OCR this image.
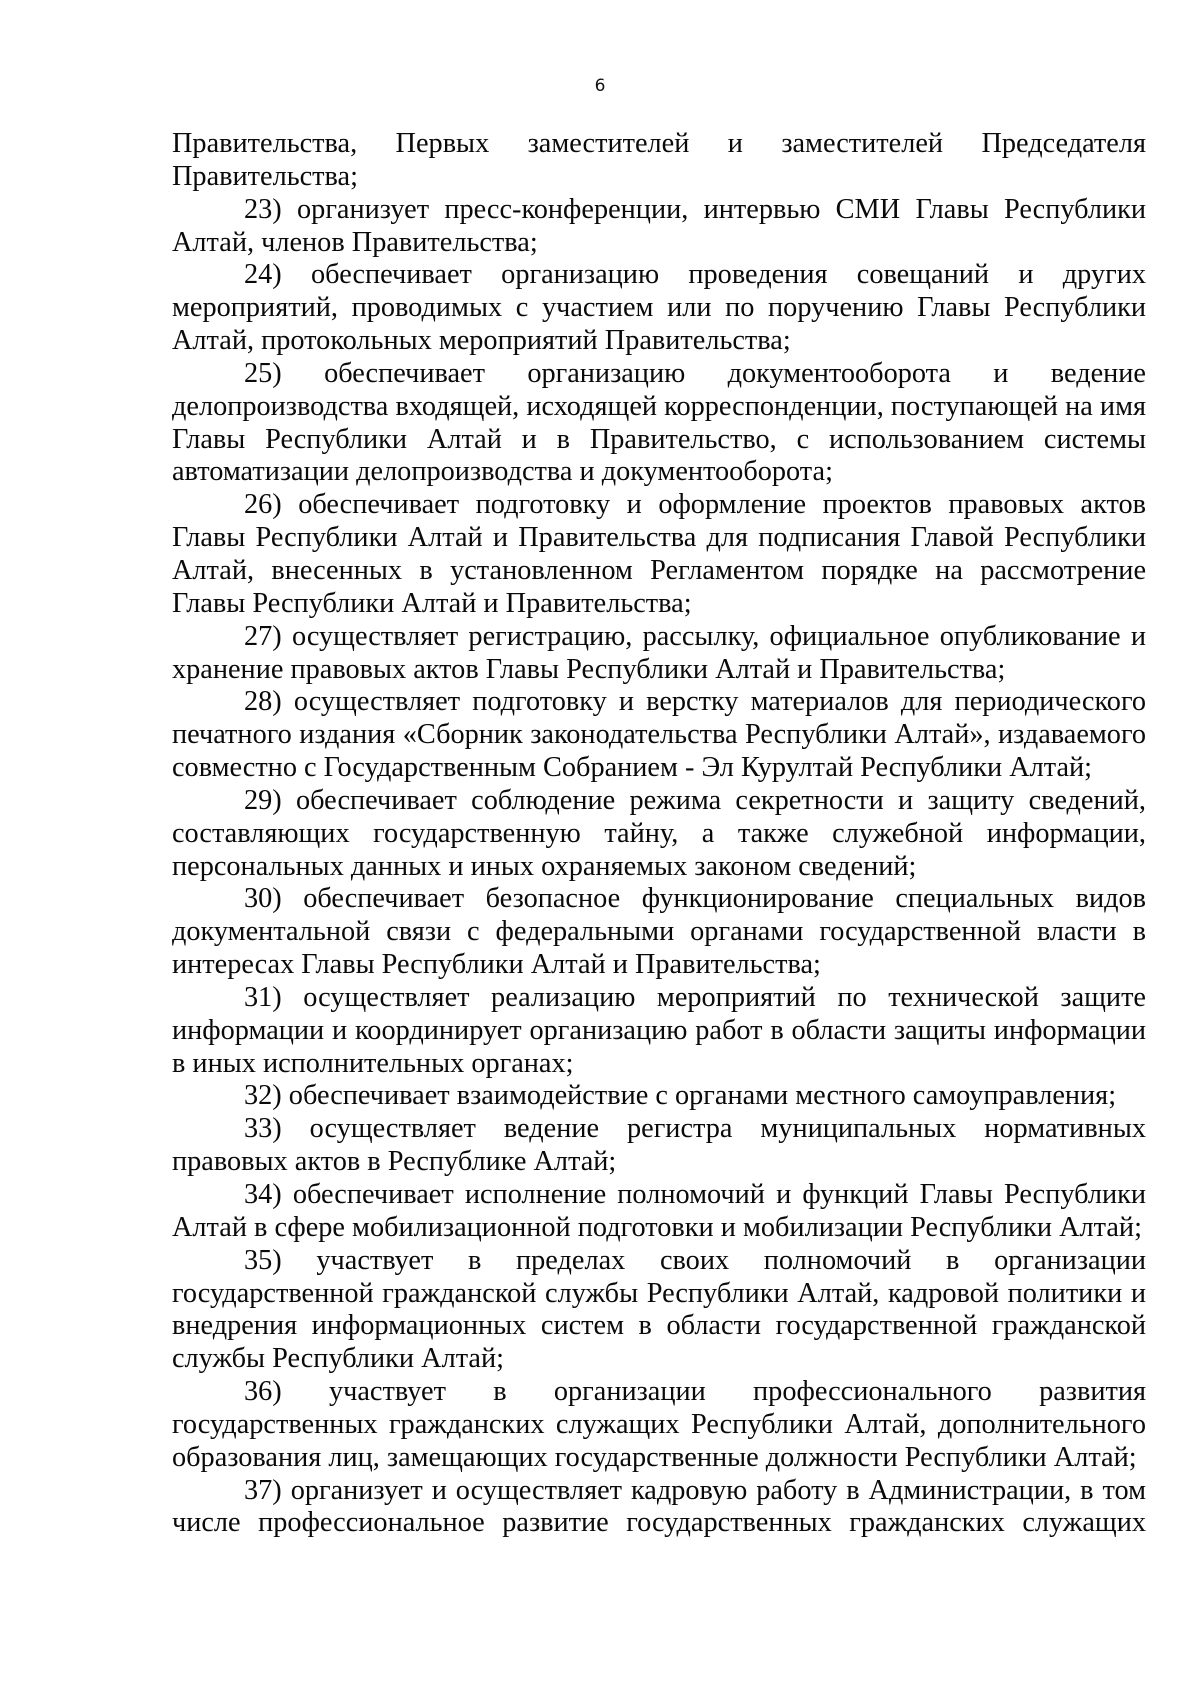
6

Правительства, Первых заместителей и заместителей Председателя Правительства;

23) организует пресс-конференции, интервью СМИ Главы Республики Алтай, членов Правительства;

24) обеспечивает организацию проведения совещаний и других мероприятий, проводимых с участием или по поручению Главы Республики Алтай, протокольных мероприятий Правительства;

25) обеспечивает организацию документооборота и ведение делопроизводства входящей, исходящей корреспонденции, поступающей на имя Главы Республики Алтай и в Правительство, с использованием системы автоматизации делопроизводства и документооборота;

26) обеспечивает подготовку и оформление проектов правовых актов Главы Республики Алтай и Правительства для подписания Главой Республики Алтай, внесенных в установленном Регламентом порядке на рассмотрение Главы Республики Алтай и Правительства;

27) осуществляет регистрацию, рассылку, официальное опубликование и хранение правовых актов Главы Республики Алтай и Правительства;

28) осуществляет подготовку и верстку материалов для периодического печатного издания «Сборник законодательства Республики Алтай», издаваемого совместно с Государственным Собранием - Эл Курултай Республики Алтай;

29) обеспечивает соблюдение режима секретности и защиту сведений, составляющих государственную тайну, а также служебной информации, персональных данных и иных охраняемых законом сведений;

30) обеспечивает безопасное функционирование специальных видов документальной связи с федеральными органами государственной власти в интересах Главы Республики Алтай и Правительства;

31) осуществляет реализацию мероприятий по технической защите информации и координирует организацию работ в области защиты информации в иных исполнительных органах;

32) обеспечивает взаимодействие с органами местного самоуправления;

33) осуществляет ведение регистра муниципальных нормативных правовых актов в Республике Алтай;

34) обеспечивает исполнение полномочий и функций Главы Республики Алтай в сфере мобилизационной подготовки и мобилизации Республики Алтай;

35) участвует в пределах своих полномочий в организации государственной гражданской службы Республики Алтай, кадровой политики и внедрения информационных систем в области государственной гражданской службы Республики Алтай;

36) участвует в организации профессионального развития государственных гражданских служащих Республики Алтай, дополнительного образования лиц, замещающих государственные должности Республики Алтай;

37) организует и осуществляет кадровую работу в Администрации, в том числе профессиональное развитие государственных гражданских служащих
